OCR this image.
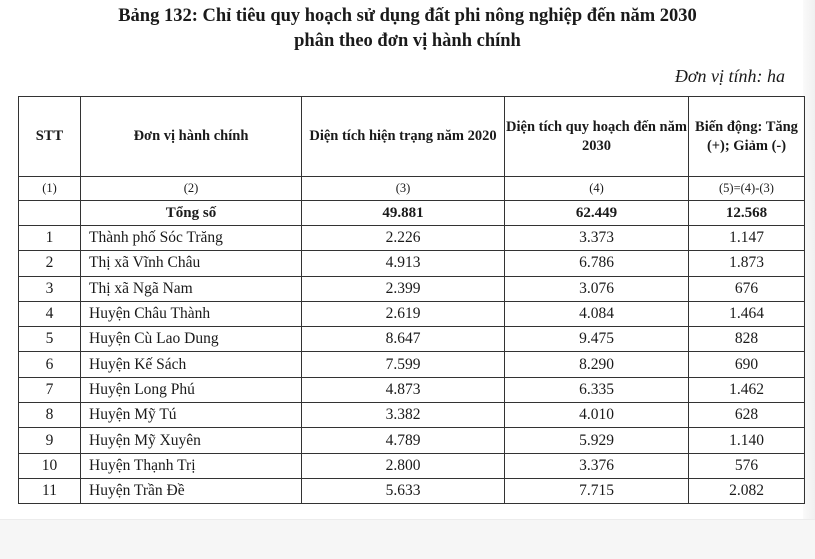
Bảng 132: Chỉ tiêu quy hoạch sử dụng đất phi nông nghiệp đến năm 2030
phân theo đơn vị hành chính
Đơn vị tính: ha
STT	Đơn vị hành chính	Diện tích hiện trạng năm 2020	Diện tích quy hoạch đến năm 2030	Biến động: Tăng (+); Giảm (-)
(1)	(2)	(3)	(4)	(5)=(4)-(3)
	Tổng số	49.881	62.449	12.568
1	Thành phố Sóc Trăng	2.226	3.373	1.147
2	Thị xã Vĩnh Châu	4.913	6.786	1.873
3	Thị xã Ngã Nam	2.399	3.076	676
4	Huyện Châu Thành	2.619	4.084	1.464
5	Huyện Cù Lao Dung	8.647	9.475	828
6	Huyện Kế Sách	7.599	8.290	690
7	Huyện Long Phú	4.873	6.335	1.462
8	Huyện Mỹ Tú	3.382	4.010	628
9	Huyện Mỹ Xuyên	4.789	5.929	1.140
10	Huyện Thạnh Trị	2.800	3.376	576
11	Huyện Trần Đề	5.633	7.715	2.082
